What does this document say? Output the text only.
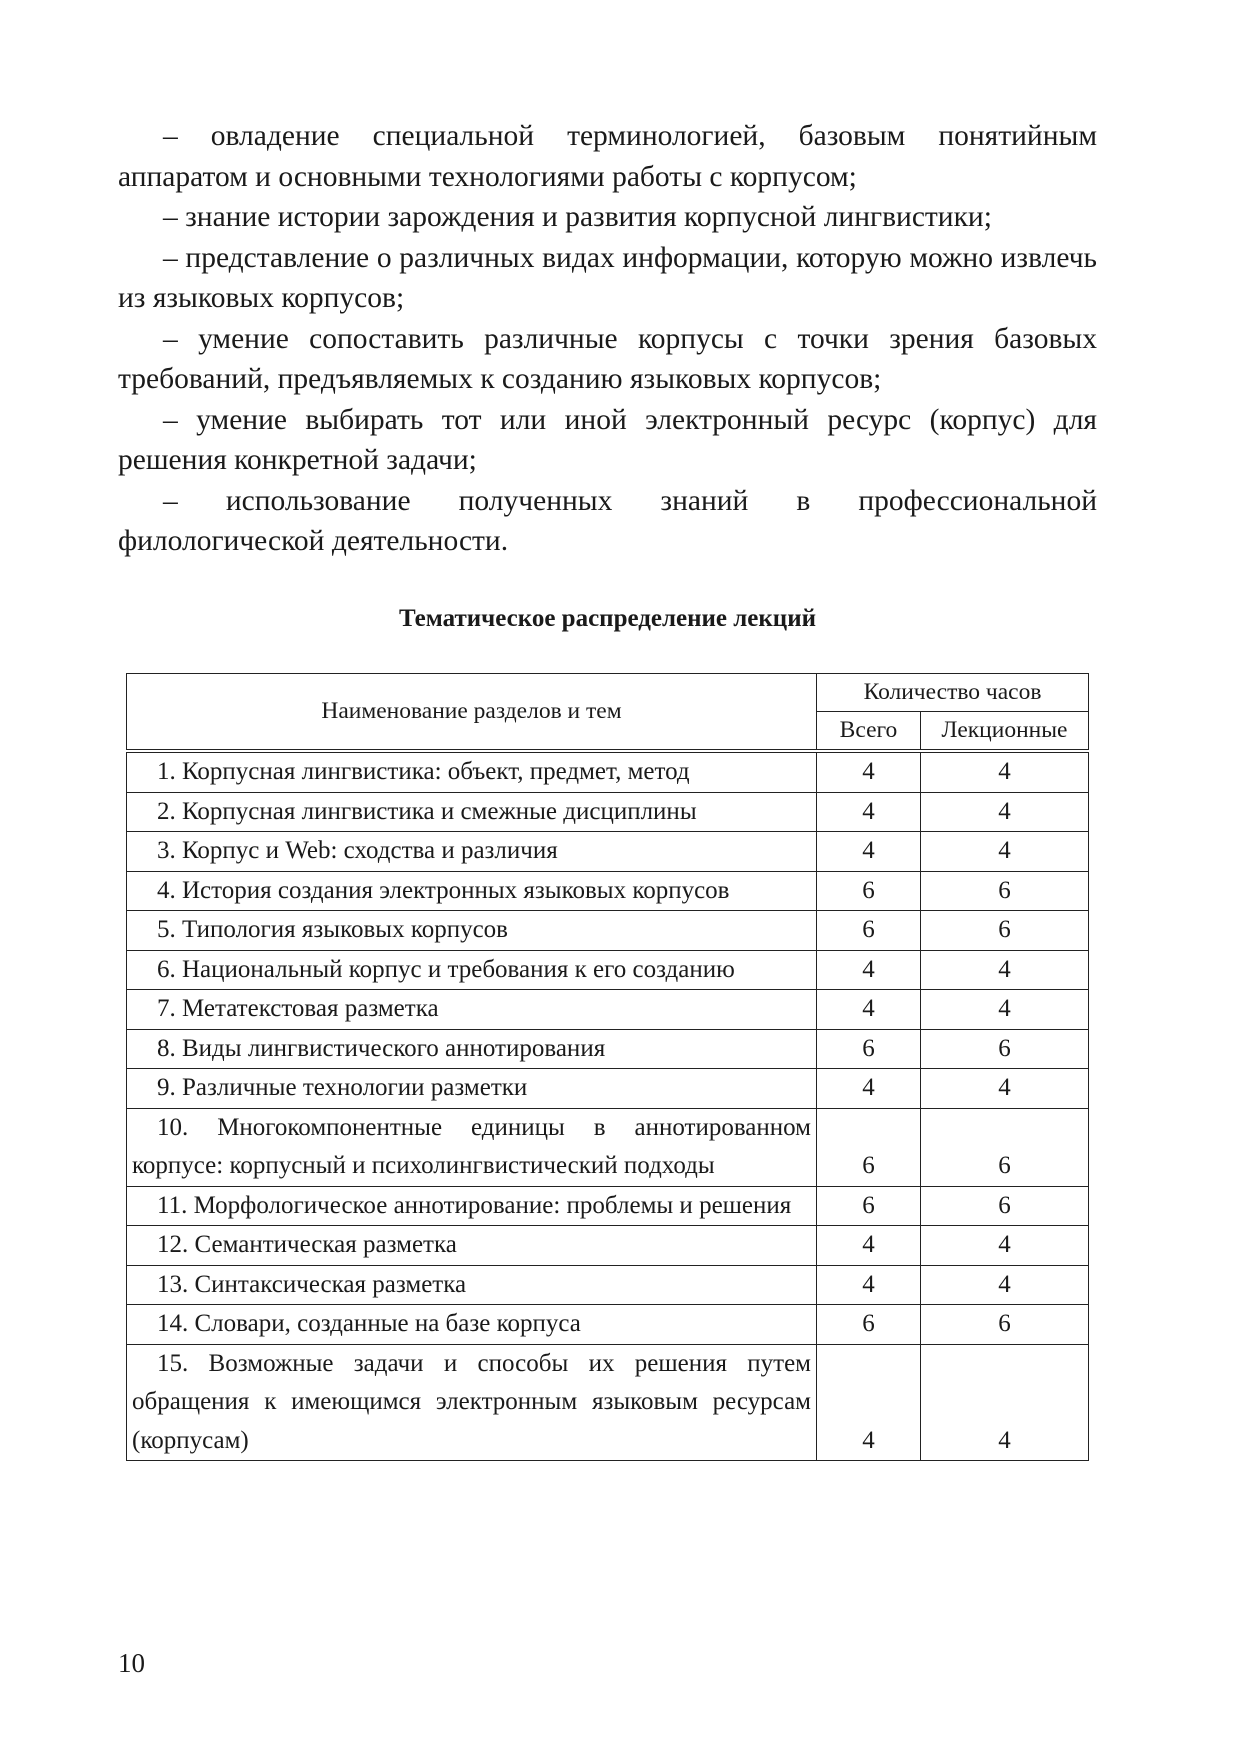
– овладение специальной терминологией, базовым понятийным аппаратом и основными технологиями работы с корпусом;

– знание истории зарождения и развития корпусной лингвистики;

– представление о различных видах информации, которую можно извлечь из языковых корпусов;

– умение сопоставить различные корпусы с точки зрения базовых требований, предъявляемых к созданию языковых корпусов;

– умение выбирать тот или иной электронный ресурс (корпус) для решения конкретной задачи;

– использование полученных знаний в профессиональной филологической деятельности.

Тематическое распределение лекций
Наименование разделов и тем	Количество часов	
	Всего	Лекционные
1. Корпусная лингвистика: объект, предмет, метод	4	4
2. Корпусная лингвистика и смежные дисциплины	4	4
3. Корпус и Web: сходства и различия	4	4
4. История создания электронных языковых корпусов	6	6
5. Типология языковых корпусов	6	6
6. Национальный корпус и требования к его созданию	4	4
7. Метатекстовая разметка	4	4
8. Виды лингвистического аннотирования	6	6
9. Различные технологии разметки	4	4
10. Многокомпонентные единицы в аннотированном корпусе: корпусный и психолингвистический подходы	6	6
11. Морфологическое аннотирование: проблемы и решения	6	6
12. Семантическая разметка	4	4
13. Синтаксическая разметка	4	4
14. Словари, созданные на базе корпуса	6	6
15. Возможные задачи и способы их решения путем обращения к имеющимся электронным языковым ресурсам (корпусам)	4	4
10
